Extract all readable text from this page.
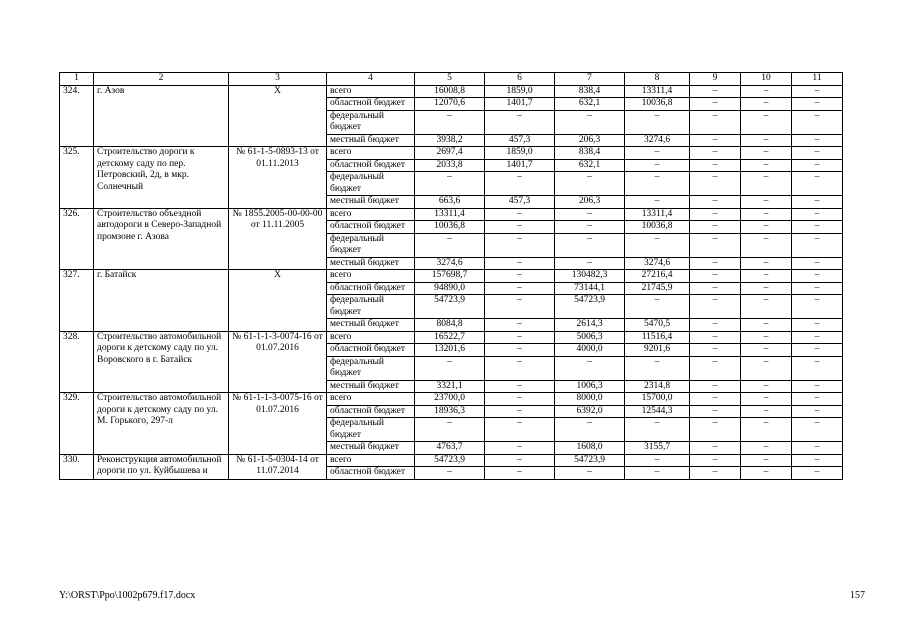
1	2	3	4	5	6	7	8	9	10	11
324.	г. Азов	Х	всего	16008,8	1859,0	838,4	13311,4	–	–	–
			областной бюджет	12070,6	1401,7	632,1	10036,8	–	–	–
			федеральный бюджет	–	–	–	–	–	–	–
			местный бюджет	3938,2	457,3	206,3	3274,6	–	–	–
325.	Строительство дороги к детскому саду по пер. Петровский, 2д, в мкр. Солнечный	№ 61-1-5-0893-13 от 01.11.2013	всего	2697,4	1859,0	838,4	–	–	–	–
			областной бюджет	2033,8	1401,7	632,1	–	–	–	–
			федеральный бюджет	–	–	–	–	–	–	–
			местный бюджет	663,6	457,3	206,3	–	–	–	–
326.	Строительство объездной автодороги в Северо-Западной промзоне г. Азова	№ 1855.2005-00-00-00 от 11.11.2005	всего	13311,4	–	–	13311,4	–	–	–
			областной бюджет	10036,8	–	–	10036,8	–	–	–
			федеральный бюджет	–	–	–	–	–	–	–
			местный бюджет	3274,6	–	–	3274,6	–	–	–
327.	г. Батайск	Х	всего	157698,7	–	130482,3	27216,4	–	–	–
			областной бюджет	94890,0	–	73144,1	21745,9	–	–	–
			федеральный бюджет	54723,9	–	54723,9	–	–	–	–
			местный бюджет	8084,8	–	2614,3	5470,5	–	–	–
328.	Строительство автомобильной дороги к детскому саду по ул. Воровского в г. Батайск	№ 61-1-1-3-0074-16 от 01.07.2016	всего	16522,7	–	5006,3	11516,4	–	–	–
			областной бюджет	13201,6	–	4000,0	9201,6	–	–	–
			федеральный бюджет	–	–	–	–	–	–	–
			местный бюджет	3321,1	–	1006,3	2314,8	–	–	–
329.	Строительство автомобильной дороги к детскому саду по ул. М. Горького, 297-л	№ 61-1-1-3-0075-16 от 01.07.2016	всего	23700,0	–	8000,0	15700,0	–	–	–
			областной бюджет	18936,3	–	6392,0	12544,3	–	–	–
			федеральный бюджет	–	–	–	–	–	–	–
			местный бюджет	4763,7	–	1608,0	3155,7	–	–	–
330.	Реконструкция автомобильной дороги по ул. Куйбышева и	№ 61-1-5-0304-14 от 11.07.2014	всего	54723,9	–	54723,9	–	–	–	–
			областной бюджет	–	–	–	–	–	–	–
Y:\ORST\Ppo\1002p679.f17.docx	157
